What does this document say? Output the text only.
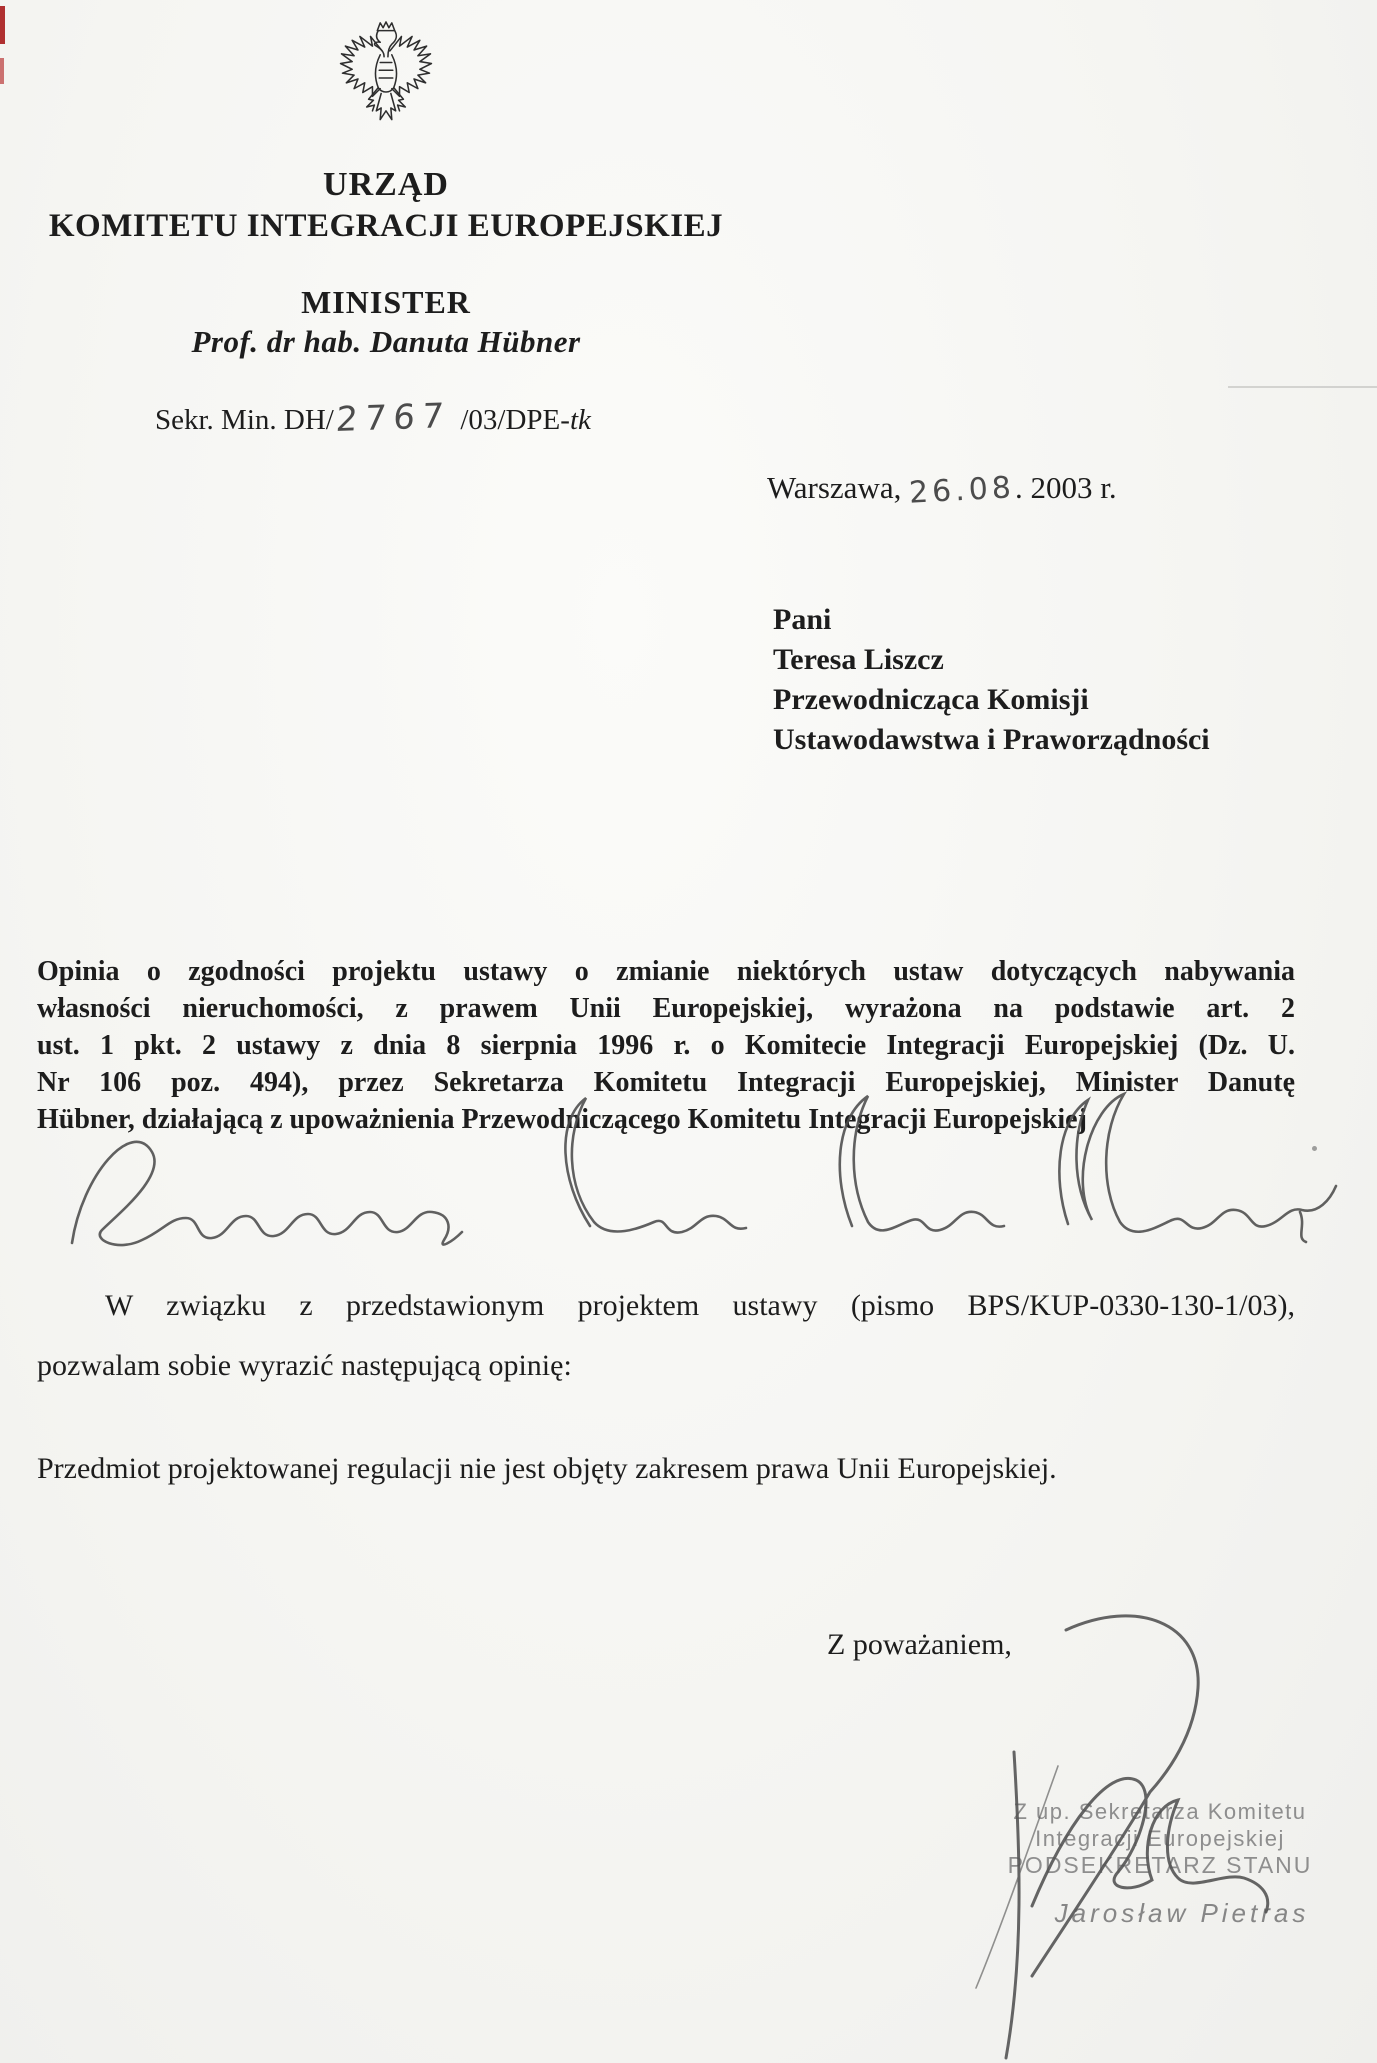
URZĄD
KOMITETU INTEGRACJI EUROPEJSKIEJ
MINISTER
Prof. dr hab. Danuta Hübner
Sekr. Min. DH/2767 /03/DPE-tk
Warszawa, 26.08. 2003 r.
Pani
Teresa Liszcz
Przewodnicząca Komisji
Ustawodawstwa i Praworządności
Opinia o zgodności projektu ustawy o zmianie niektórych ustaw dotyczących nabywania
własności nieruchomości, z prawem Unii Europejskiej, wyrażona na podstawie art. 2
ust. 1 pkt. 2 ustawy z dnia 8 sierpnia 1996 r. o Komitecie Integracji Europejskiej (Dz. U.
Nr 106 poz. 494), przez Sekretarza Komitetu Integracji Europejskiej, Minister Danutę
Hübner, działającą z upoważnienia Przewodniczącego Komitetu Integracji Europejskiej
W związku z przedstawionym projektem ustawy (pismo BPS/KUP-0330-130-1/03),
pozwalam sobie wyrazić następującą opinię:
Przedmiot projektowanej regulacji nie jest objęty zakresem prawa Unii Europejskiej.
Z poważaniem,
Z up. Sekretarza Komitetu
Integracji Europejskiej
PODSEKRETARZ STANU
Jarosław Pietras
